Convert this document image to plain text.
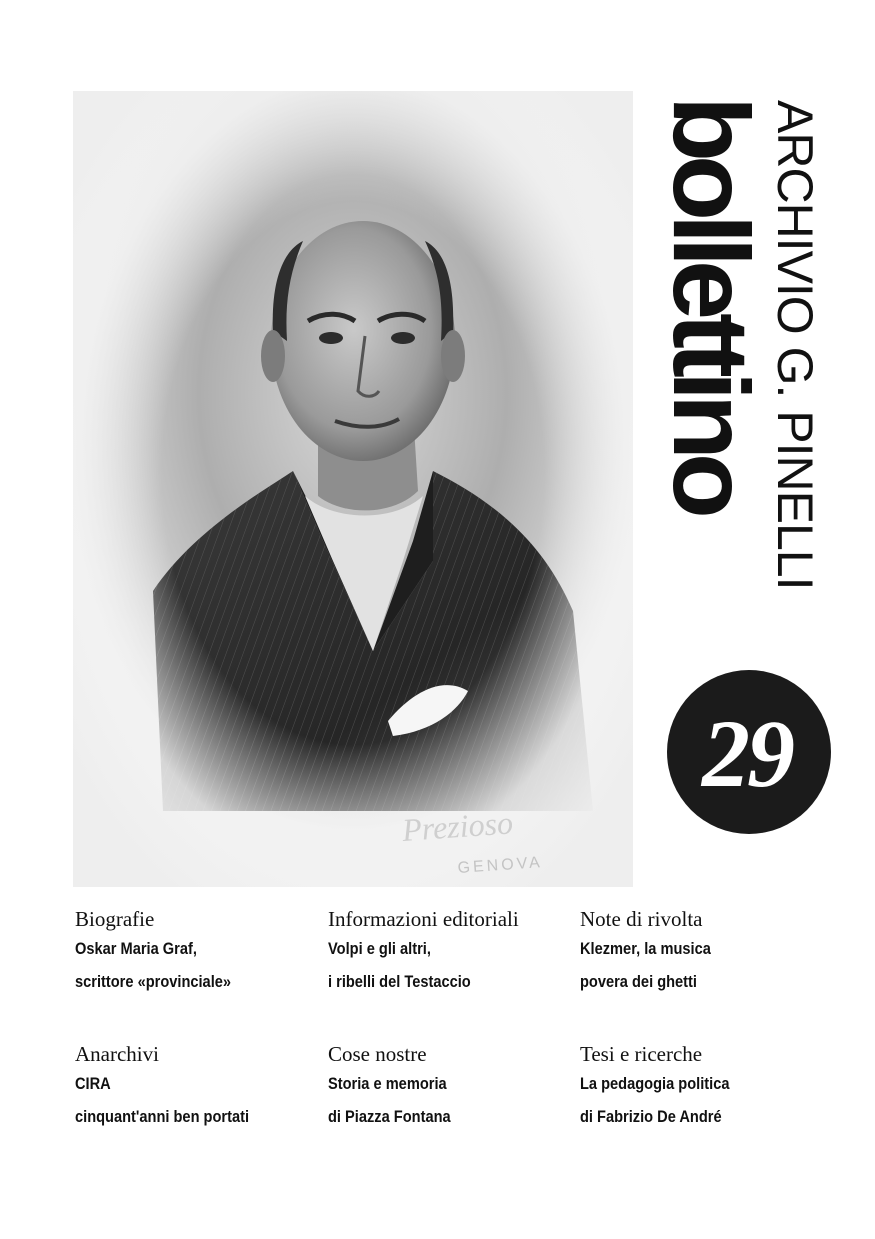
Prezioso
GENOVA
bollettino
ARCHIVIO G. PINELLI
29
Biografie
Oskar Maria Graf,
scrittore «provinciale»
Informazioni editoriali
Volpi e gli altri,
i ribelli del Testaccio
Note di rivolta
Klezmer, la musica
povera dei ghetti
Anarchivi
CIRA
cinquant'anni ben portati
Cose nostre
Storia e memoria
di Piazza Fontana
Tesi e ricerche
La pedagogia politica
di Fabrizio De André
